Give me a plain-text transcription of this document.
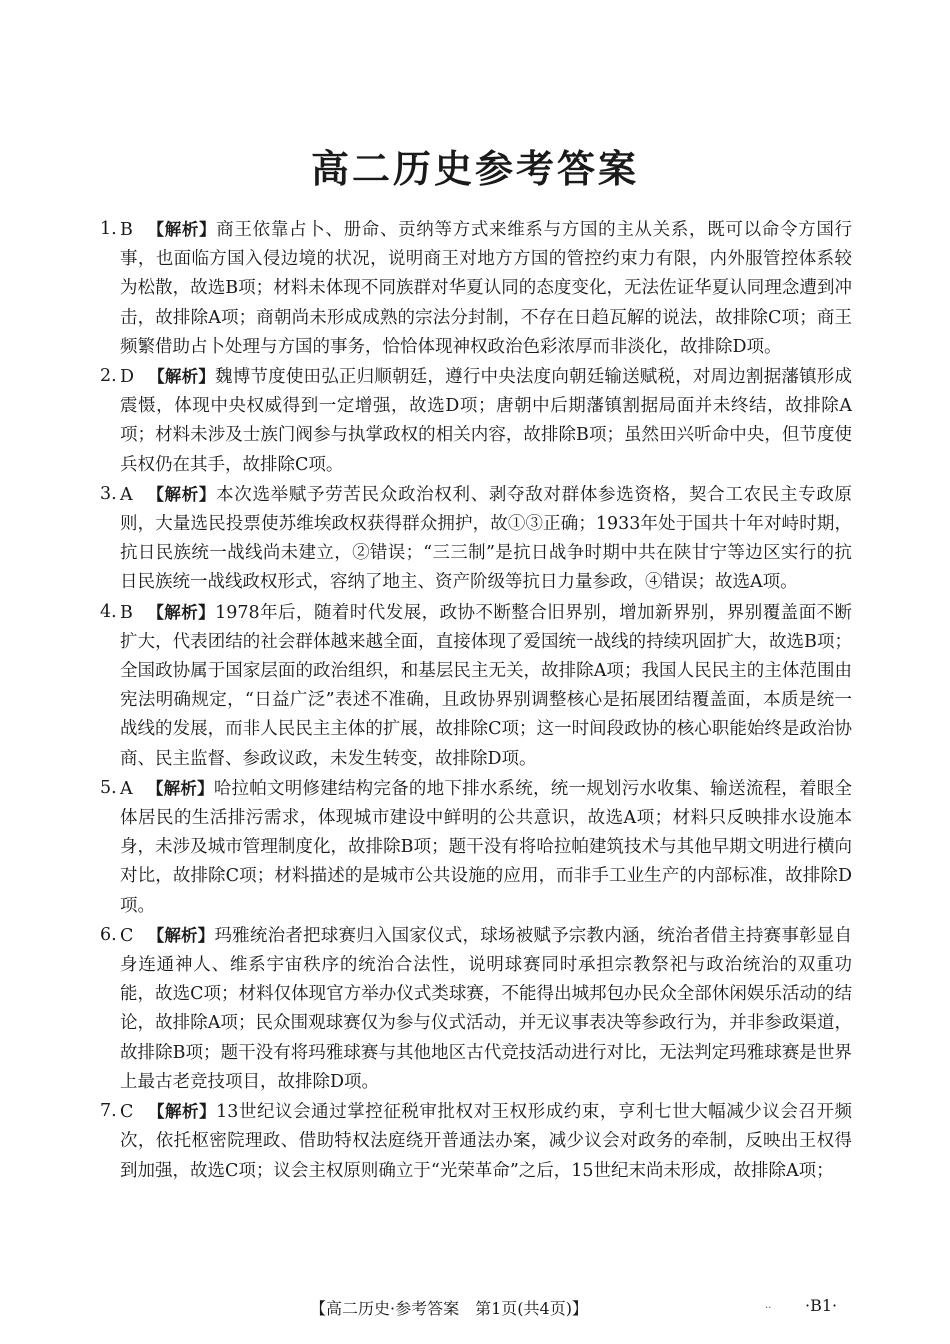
高二历史参考答案
1. B 【解析】商王依靠占卜、册命、贡纳等方式来维系与方国的主从关系，既可以命令方国行事，也面临方国入侵边境的状况，说明商王对地方方国的管控约束力有限，内外服管控体系较为松散，故选B项；材料未体现不同族群对华夏认同的态度变化，无法佐证华夏认同理念遭到冲击，故排除A项；商朝尚未形成成熟的宗法分封制，不存在日趋瓦解的说法，故排除C项；商王频繁借助占卜处理与方国的事务，恰恰体现神权政治色彩浓厚而非淡化，故排除D项。
2. D 【解析】魏博节度使田弘正归顺朝廷，遵行中央法度向朝廷输送赋税，对周边割据藩镇形成震慑，体现中央权威得到一定增强，故选D项；唐朝中后期藩镇割据局面并未终结，故排除A项；材料未涉及士族门阀参与执掌政权的相关内容，故排除B项；虽然田兴听命中央，但节度使兵权仍在其手，故排除C项。
3. A 【解析】本次选举赋予劳苦民众政治权利、剥夺敌对群体参选资格，契合工农民主专政原则，大量选民投票使苏维埃政权获得群众拥护，故①③正确；1933年处于国共十年对峙时期，抗日民族统一战线尚未建立，②错误；“三三制”是抗日战争时期中共在陕甘宁等边区实行的抗日民族统一战线政权形式，容纳了地主、资产阶级等抗日力量参政，④错误；故选A项。
4. B 【解析】1978年后，随着时代发展，政协不断整合旧界别，增加新界别，界别覆盖面不断扩大，代表团结的社会群体越来越全面，直接体现了爱国统一战线的持续巩固扩大，故选B项；全国政协属于国家层面的政治组织，和基层民主无关，故排除A项；我国人民民主的主体范围由宪法明确规定，“日益广泛”表述不准确，且政协界别调整核心是拓展团结覆盖面，本质是统一战线的发展，而非人民民主主体的扩展，故排除C项；这一时间段政协的核心职能始终是政治协商、民主监督、参政议政，未发生转变，故排除D项。
5. A 【解析】哈拉帕文明修建结构完备的地下排水系统，统一规划污水收集、输送流程，着眼全体居民的生活排污需求，体现城市建设中鲜明的公共意识，故选A项；材料只反映排水设施本身，未涉及城市管理制度化，故排除B项；题干没有将哈拉帕建筑技术与其他早期文明进行横向对比，故排除C项；材料描述的是城市公共设施的应用，而非手工业生产的内部标准，故排除D项。
6. C 【解析】玛雅统治者把球赛归入国家仪式，球场被赋予宗教内涵，统治者借主持赛事彰显自身连通神人、维系宇宙秩序的统治合法性，说明球赛同时承担宗教祭祀与政治统治的双重功能，故选C项；材料仅体现官方举办仪式类球赛，不能得出城邦包办民众全部休闲娱乐活动的结论，故排除A项；民众围观球赛仅为参与仪式活动，并无议事表决等参政行为，并非参政渠道，故排除B项；题干没有将玛雅球赛与其他地区古代竞技活动进行对比，无法判定玛雅球赛是世界上最古老竞技项目，故排除D项。
7. C 【解析】13世纪议会通过掌控征税审批权对王权形成约束，亨利七世大幅减少议会召开频次，依托枢密院理政、借助特权法庭绕开普通法办案，减少议会对政务的牵制，反映出王权得到加强，故选C项；议会主权原则确立于“光荣革命”之后，15世纪末尚未形成，故排除A项；
【高二历史·参考答案　第1页(共4页)】	.. ·B1·
